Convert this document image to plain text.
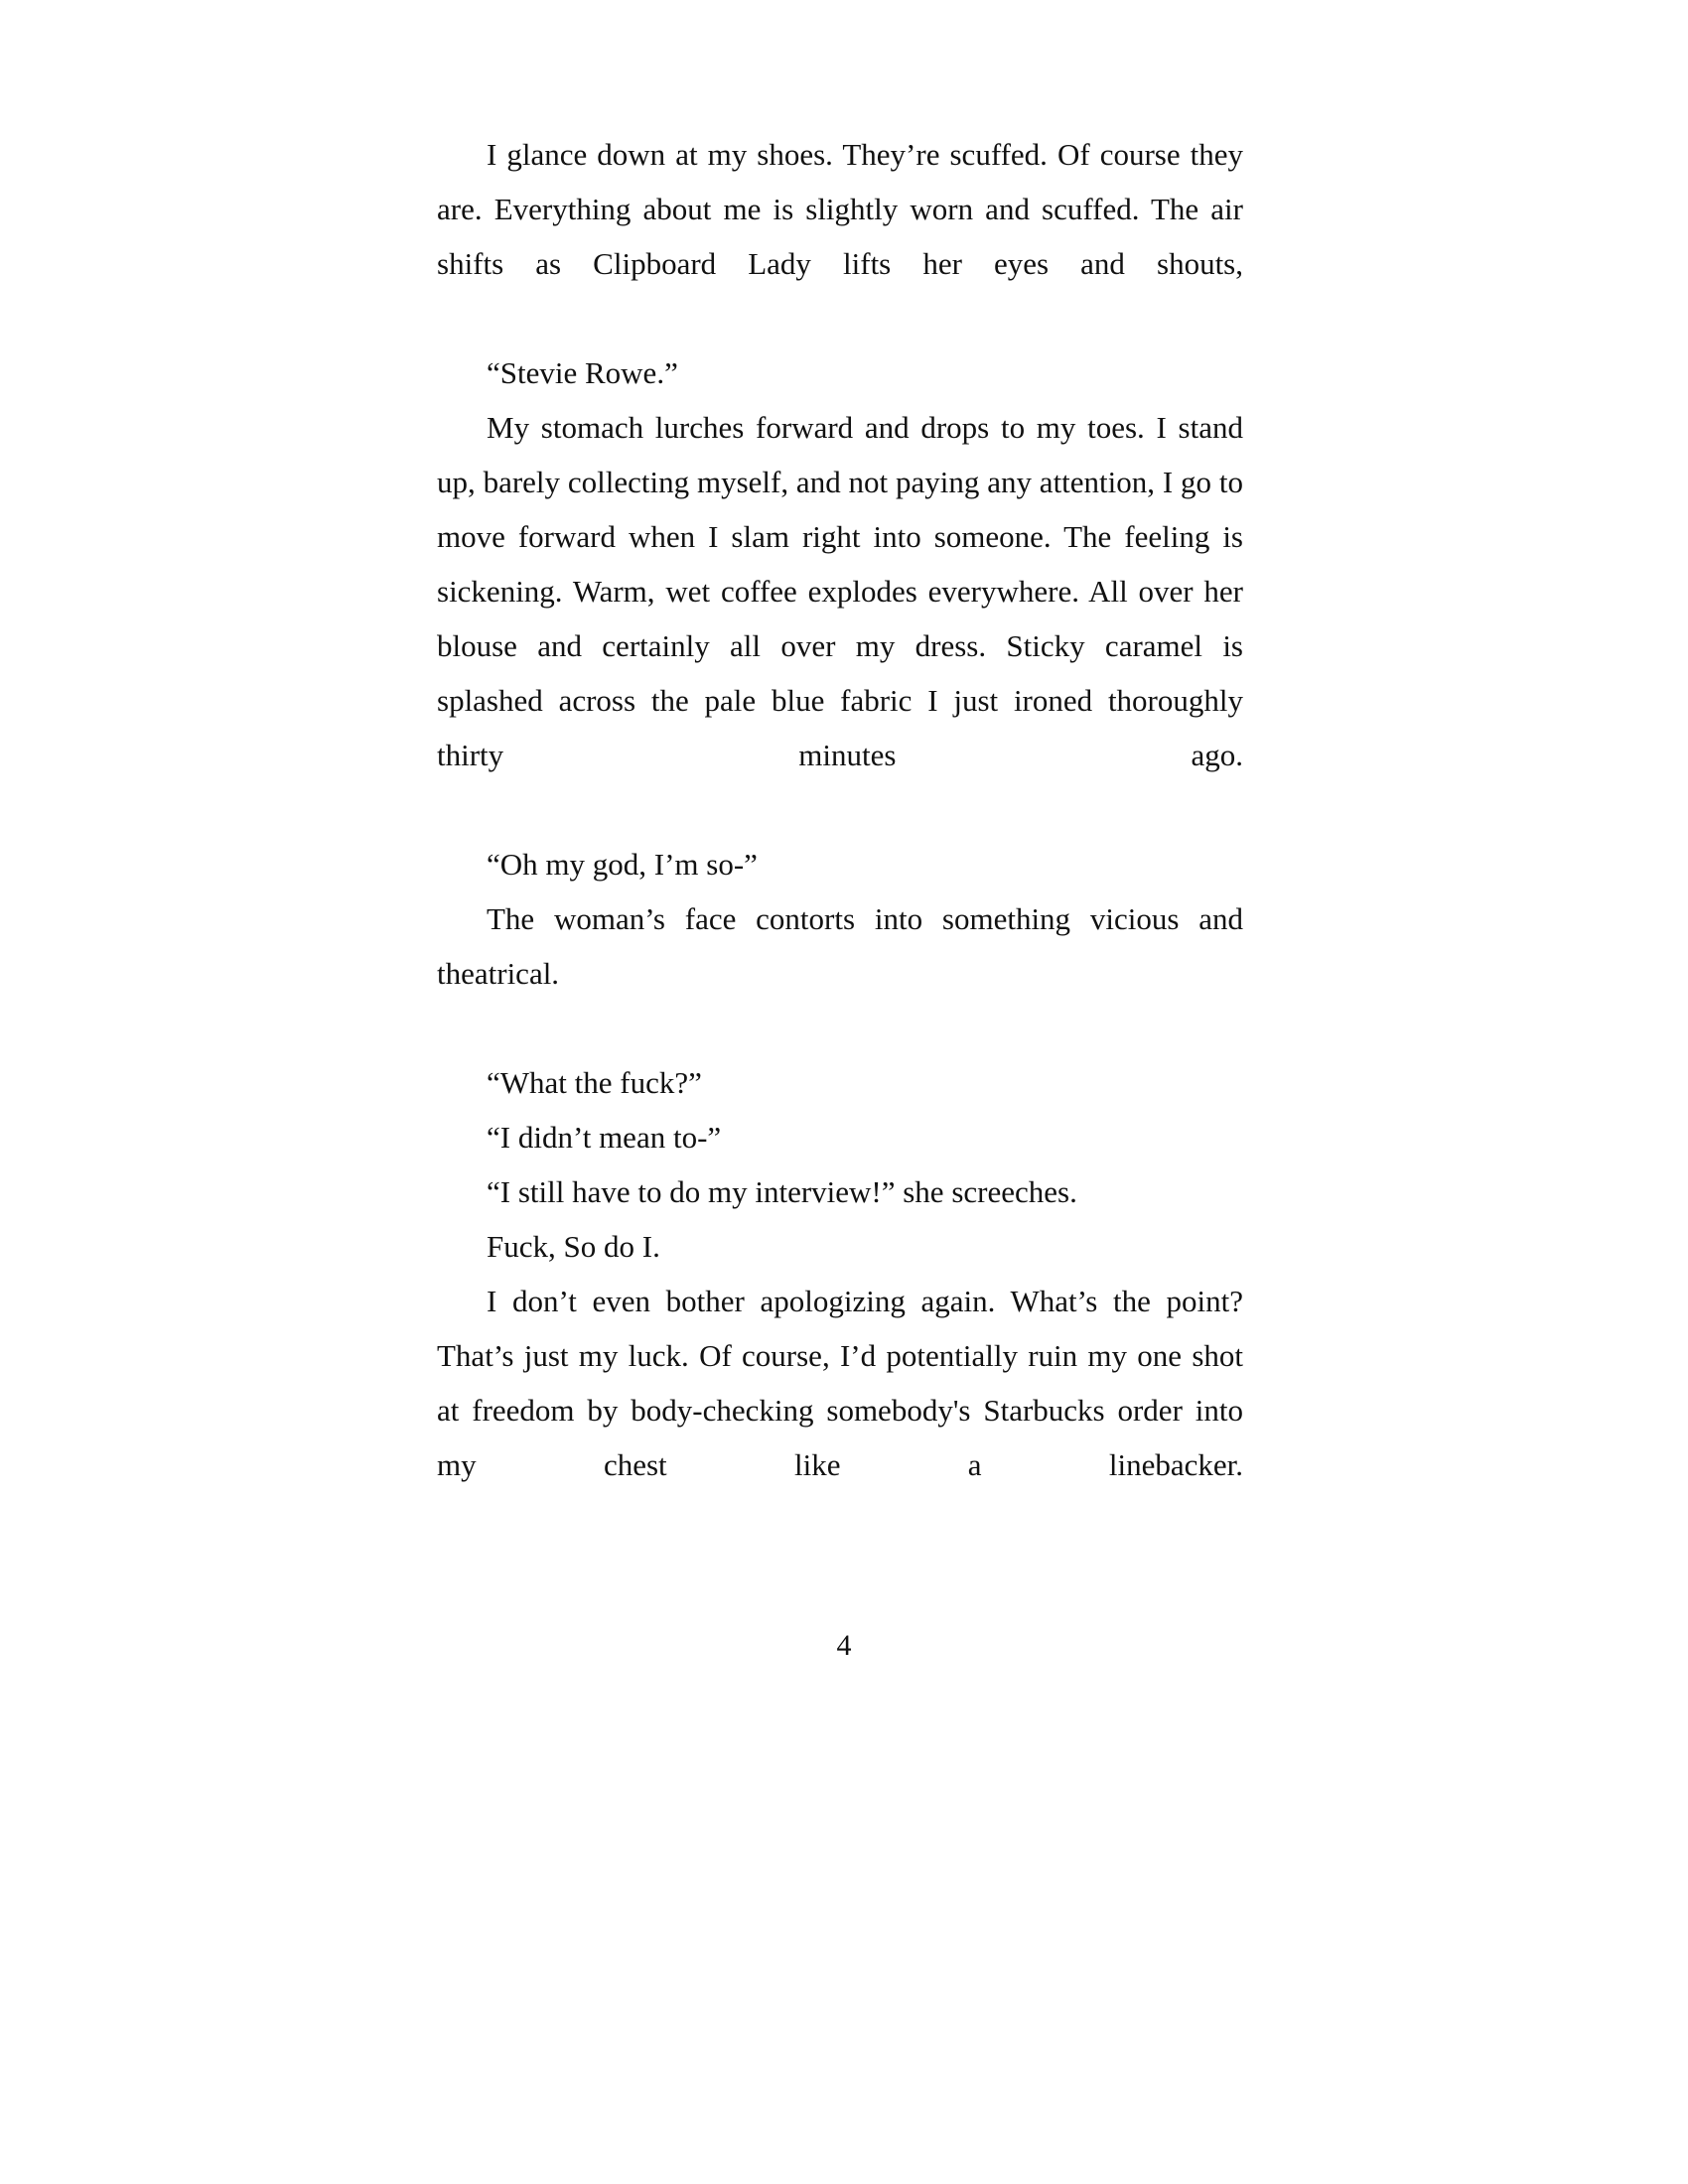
I glance down at my shoes. They’re scuffed. Of course they are. Everything about me is slightly worn and scuffed. The air shifts as Clipboard Lady lifts her eyes and shouts,

“Stevie Rowe.”

My stomach lurches forward and drops to my toes. I stand up, barely collecting myself, and not paying any attention, I go to move forward when I slam right into someone. The feeling is sickening. Warm, wet coffee explodes everywhere. All over her blouse and certainly all over my dress. Sticky caramel is splashed across the pale blue fabric I just ironed thoroughly thirty minutes ago.

“Oh my god, I’m so-”

The woman’s face contorts into something vicious and theatrical.

“What the fuck?”

“I didn’t mean to-”

“I still have to do my interview!” she screeches.

Fuck, So do I.

I don’t even bother apologizing again. What’s the point? That’s just my luck. Of course, I’d potentially ruin my one shot at freedom by body-checking somebody's Starbucks order into my chest like a linebacker.

4
